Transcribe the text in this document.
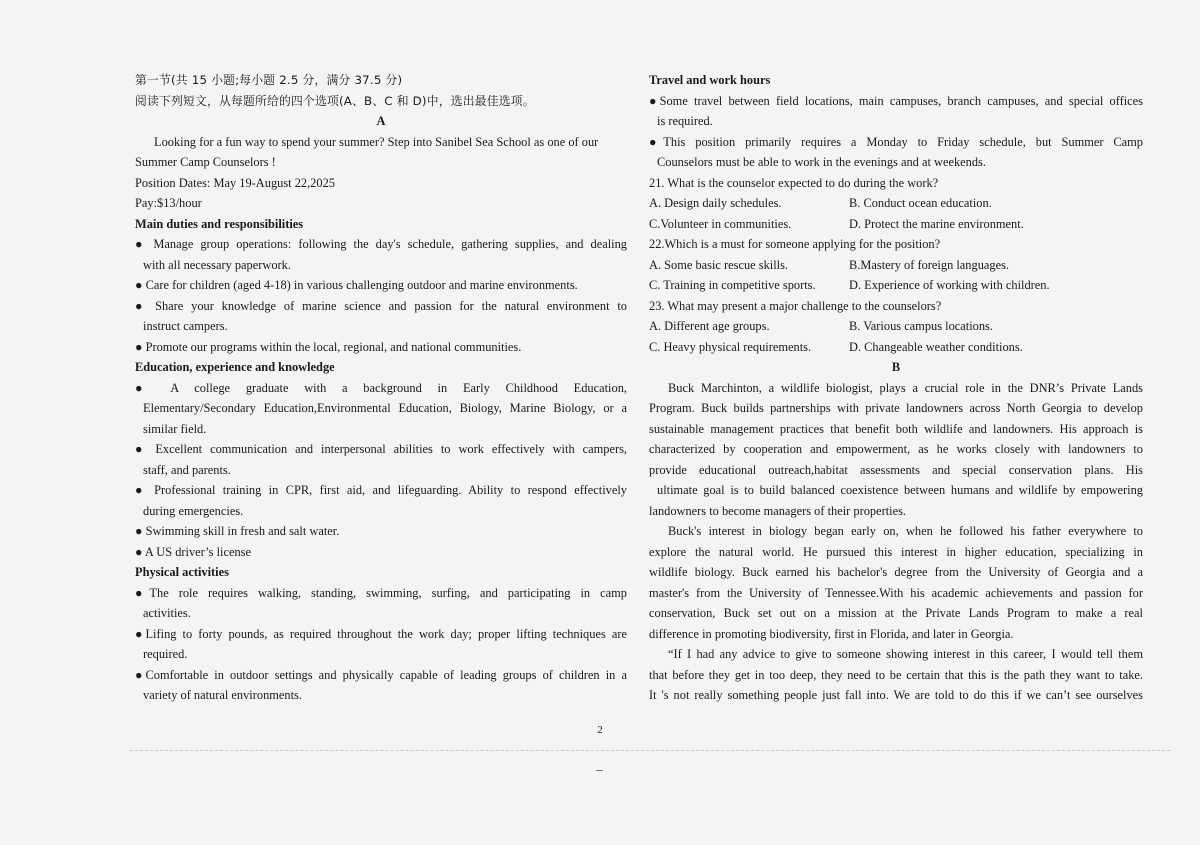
第一节(共 15 小题;每小题 2.5 分，满分 37.5 分)
阅读下列短文，从每题所给的四个选项(A、B、C 和 D)中，选出最佳选项。
A
Looking for a fun way to spend your summer? Step into Sanibel Sea School as one of our
Summer Camp Counselors !
Position Dates: May 19-August 22,2025
Pay:$13/hour
Main duties and responsibilities
● Manage group operations: following the day's schedule, gathering supplies, and dealing
with all necessary paperwork.
● Care for children (aged 4-18) in various challenging outdoor and marine environments.
● Share your knowledge of marine science and passion for the natural environment to
instruct campers.
● Promote our programs within the local, regional, and national communities.
Education, experience and knowledge
● A college graduate with a background in Early Childhood Education,
Elementary/Secondary Education,Environmental Education, Biology, Marine Biology, or a
similar field.
● Excellent communication and interpersonal abilities to work effectively with campers,
staff, and parents.
● Professional training in CPR, first aid, and lifeguarding. Ability to respond effectively
during emergencies.
● Swimming skill in fresh and salt water.
● A US driver’s license
Physical activities
●The role requires walking, standing, swimming, surfing, and participating in camp
activities.
●Lifing to forty pounds, as required throughout the work day; proper lifting techniques are
required.
●Comfortable in outdoor settings and physically capable of leading groups of children in a
variety of natural environments.
Travel and work hours
●Some travel between field locations, main campuses, branch campuses, and special offices
is required.
●This position primarily requires a Monday to Friday schedule, but Summer Camp
Counselors must be able to work in the evenings and at weekends.
21. What is the counselor expected to do during the work?
A. Design daily schedules.	B. Conduct ocean education.
C.Volunteer in communities.	D. Protect the marine environment.
22.Which is a must for someone applying for the position?
A. Some basic rescue skills.	B.Mastery of foreign languages.
C. Training in competitive sports.	D. Experience of working with children.
23. What may present a major challenge to the counselors?
A. Different age groups.	B. Various campus locations.
C. Heavy physical requirements.	D. Changeable weather conditions.
B
Buck Marchinton, a wildlife biologist, plays a crucial role in the DNR’s Private Lands
Program. Buck builds partnerships with private landowners across North Georgia to develop
sustainable management practices that benefit both wildlife and landowners. His approach is
characterized by cooperation and empowerment, as he works closely with landowners to
provide educational outreach,habitat assessments and special conservation plans. His
ultimate goal is to build balanced coexistence between humans and wildlife by empowering
landowners to become managers of their properties.
Buck's interest in biology began early on, when he followed his father everywhere to
explore the natural world. He pursued this interest in higher education, specializing in
wildlife biology. Buck earned his bachelor's degree from the University of Georgia and a
master's from the University of Tennessee.With his academic achievements and passion for
conservation, Buck set out on a mission at the Private Lands Program to make a real
difference in promoting biodiversity, first in Florida, and later in Georgia.
“If I had any advice to give to someone showing interest in this career, I would tell them
that before they get in too deep, they need to be certain that this is the path they want to take.
It 's not really something people just fall into. We are told to do this if we can’t see ourselves
2
